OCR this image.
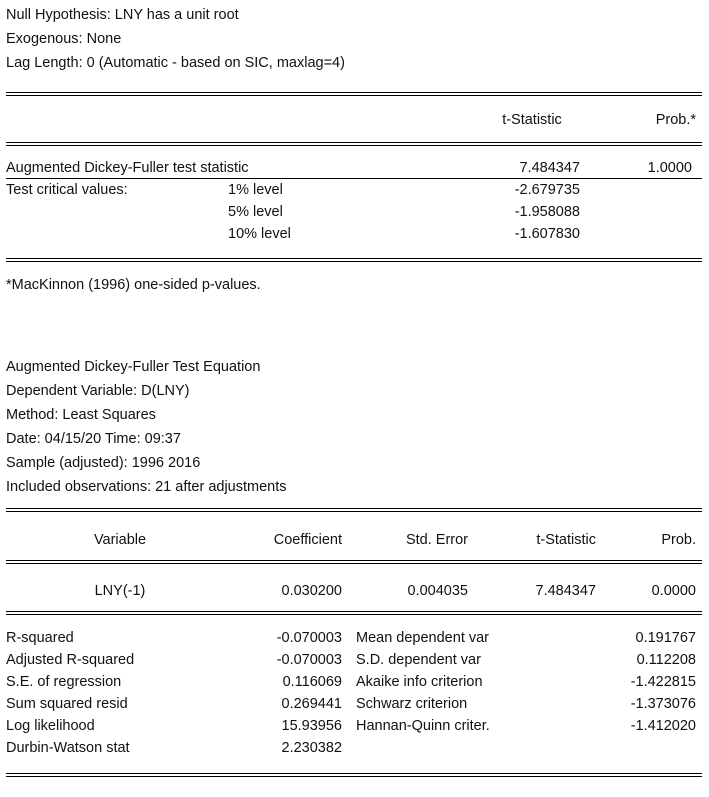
Null Hypothesis: LNY has a unit root
Exogenous: None
Lag Length: 0 (Automatic - based on SIC, maxlag=4)
t-Statistic	Prob.*
Augmented Dickey-Fuller test statistic	7.484347	1.0000
Test critical values:	1% level	-2.679735
5% level	-1.958088
10% level	-1.607830
*MacKinnon (1996) one-sided p-values.
Augmented Dickey-Fuller Test Equation
Dependent Variable: D(LNY)
Method: Least Squares
Date: 04/15/20 Time: 09:37
Sample (adjusted): 1996 2016
Included observations: 21 after adjustments
Variable	Coefficient	Std. Error	t-Statistic	Prob.
LNY(-1)	0.030200	0.004035	7.484347	0.0000
R-squared	-0.070003 Mean dependent var	0.191767
Adjusted R-squared	-0.070003 S.D. dependent var	0.112208
S.E. of regression	0.116069 Akaike info criterion	-1.422815
Sum squared resid	0.269441 Schwarz criterion	-1.373076
Log likelihood	15.93956 Hannan-Quinn criter.	-1.412020
Durbin-Watson stat	2.230382
